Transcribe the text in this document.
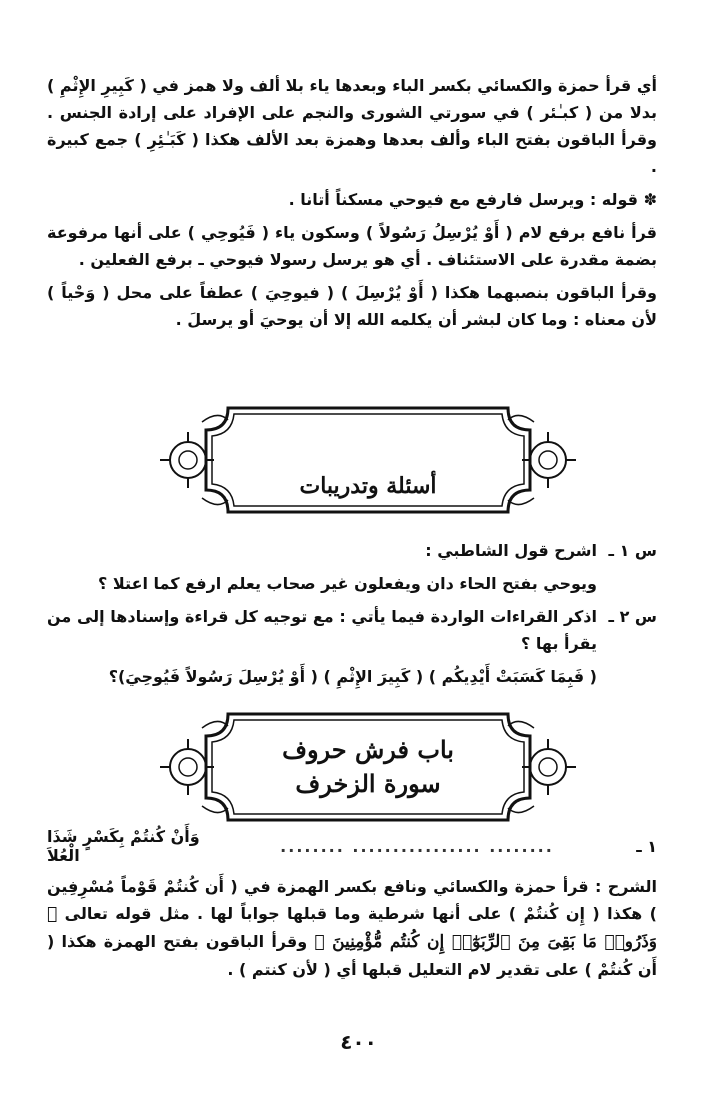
أي قرأ حمزة والكسائي بكسر الباء وبعدها ياء بلا ألف ولا همز في ( كَبِيرِ الإِثْمِ ) بدلا من ( كبـٰئر ) في سورتي الشورى والنجم على الإفراد على إرادة الجنس . وقرأ الباقون بفتح الباء وألف بعدها وهمزة بعد الألف هكذا ( كَبَـٰئِرِ ) جمع كبيرة .

✽ قوله : ويرسل فارفع مع فيوحي مسكناً أتانا .

قرأ نافع برفع لام ( أَوْ يُرْسِلُ رَسُولاً ) وسكون ياء ( فَيُوحِي ) على أنها مرفوعة بضمة مقدرة على الاستئناف . أي هو يرسل رسولا فيوحي ـ برفع الفعلين .

وقرأ الباقون بنصبهما هكذا ( أَوْ يُرْسِلَ ) ( فيوحِيَ ) عطفاً على محل ( وَحْياً ) لأن معناه : وما كان لبشر أن يكلمه الله إلا أن يوحيَ أو يرسلَ .

أسئلة وتدريبات
س ١ ـ
اشرح قول الشاطبي :
ويوحي بفتح الحاء دان ويفعلون غير صحاب يعلم ارفع كما اعتلا ؟
س ٢ ـ
اذكر القراءات الواردة فيما يأتي : مع توجيه كل قراءة وإسنادها إلى من يقرأ بها ؟
( فَبِمَا كَسَبَتْ أَيْدِيكُم ) ( كَبِيرَ الإِثْمِ ) ( أَوْ يُرْسِلَ رَسُولاً فَيُوحِيَ)؟
باب فرش حروف
سورة الزخرف
١ ـ
........ ................ ........
وَأَنْ كُنتُمْ بِكَسْرٍ شَذَا الْعُلاَ
الشرح : قرأ حمزة والكسائي ونافع بكسر الهمزة في ( أَن كُنتُمْ قَوْماً مُسْرِفِين ) هكذا ( إِن كُنتُمْ ) على أنها شرطية وما قبلها جواباً لها . مثل قوله تعالى ﴿ وَذَرُوا۟ مَا بَقِىَ مِنَ ٱلرِّبَوٰٓا۟ إِن كُنتُم مُّؤْمِنِينَ ﴾ وقرأ الباقون بفتح الهمزة هكذا ( أَن كُنتُمْ ) على تقدير لام التعليل قبلها أي ( لأن كنتم ) .
٤٠٠
